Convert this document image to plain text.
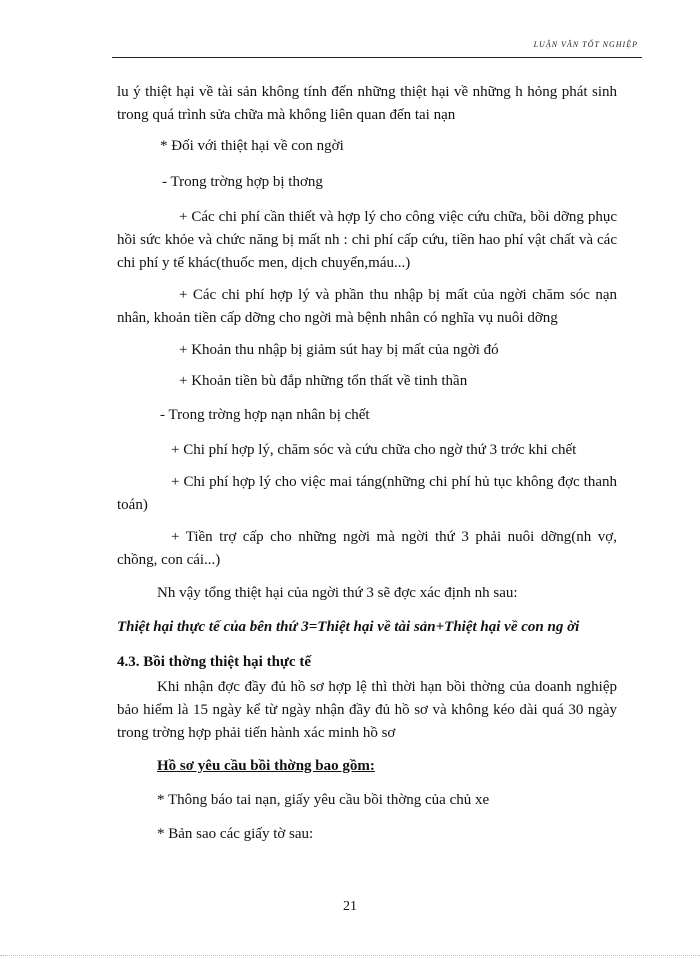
LUẬN VĂN TỐT NGHIỆP

lu ý thiệt hại về tài sản không tính đến những thiệt hại về những h hỏng phát sinh trong quá trình sửa chữa mà không liên quan đến tai nạn

* Đối với thiệt hại về con ngời

- Trong trờng hợp bị thơng

+ Các chi phí cần thiết và hợp lý cho công việc cứu chữa, bồi dỡng phục hồi sức khỏe và chức năng bị mất nh : chi phí cấp cứu, tiền hao phí vật chất và các chi phí y tế khác(thuốc men, dịch chuyển,máu...)

+ Các chi phí hợp lý và phần thu nhập bị mất của ngời chăm sóc nạn nhân, khoản tiền cấp dỡng cho ngời mà bệnh nhân có nghĩa vụ nuôi dỡng

+ Khoản thu nhập bị giảm sút hay bị mất của ngời đó

+ Khoản tiền bù đắp những tổn thất về tinh thần

- Trong trờng hợp nạn nhân bị chết

+ Chi phí hợp lý, chăm sóc và cứu chữa cho ngờ thứ 3 trớc khi chết

+ Chi phí hợp lý cho việc mai táng(những chi phí hủ tục không đợc thanh toán)

+ Tiền trợ cấp cho những ngời mà ngời thứ 3 phải nuôi dỡng(nh vợ, chồng, con cái...)

Nh vậy tổng thiệt hại của ngời thứ 3 sẽ đợc xác định nh sau:

Thiệt hại thực tế của bên thứ 3=Thiệt hại về tài sản+Thiệt hại về con ng ời

4.3. Bồi thờng thiệt hại thực tế

Khi nhận đợc đầy đủ hồ sơ hợp lệ thì thời hạn bồi thờng của doanh nghiệp bảo hiểm là 15 ngày kể từ ngày nhận đầy đủ hồ sơ và không kéo dài quá 30 ngày trong trờng hợp phải tiến hành xác minh hồ sơ

Hồ sơ yêu cầu bồi thờng bao gồm:

* Thông báo tai nạn, giấy yêu cầu bồi thờng của chủ xe

* Bản sao các giấy tờ sau:

21
